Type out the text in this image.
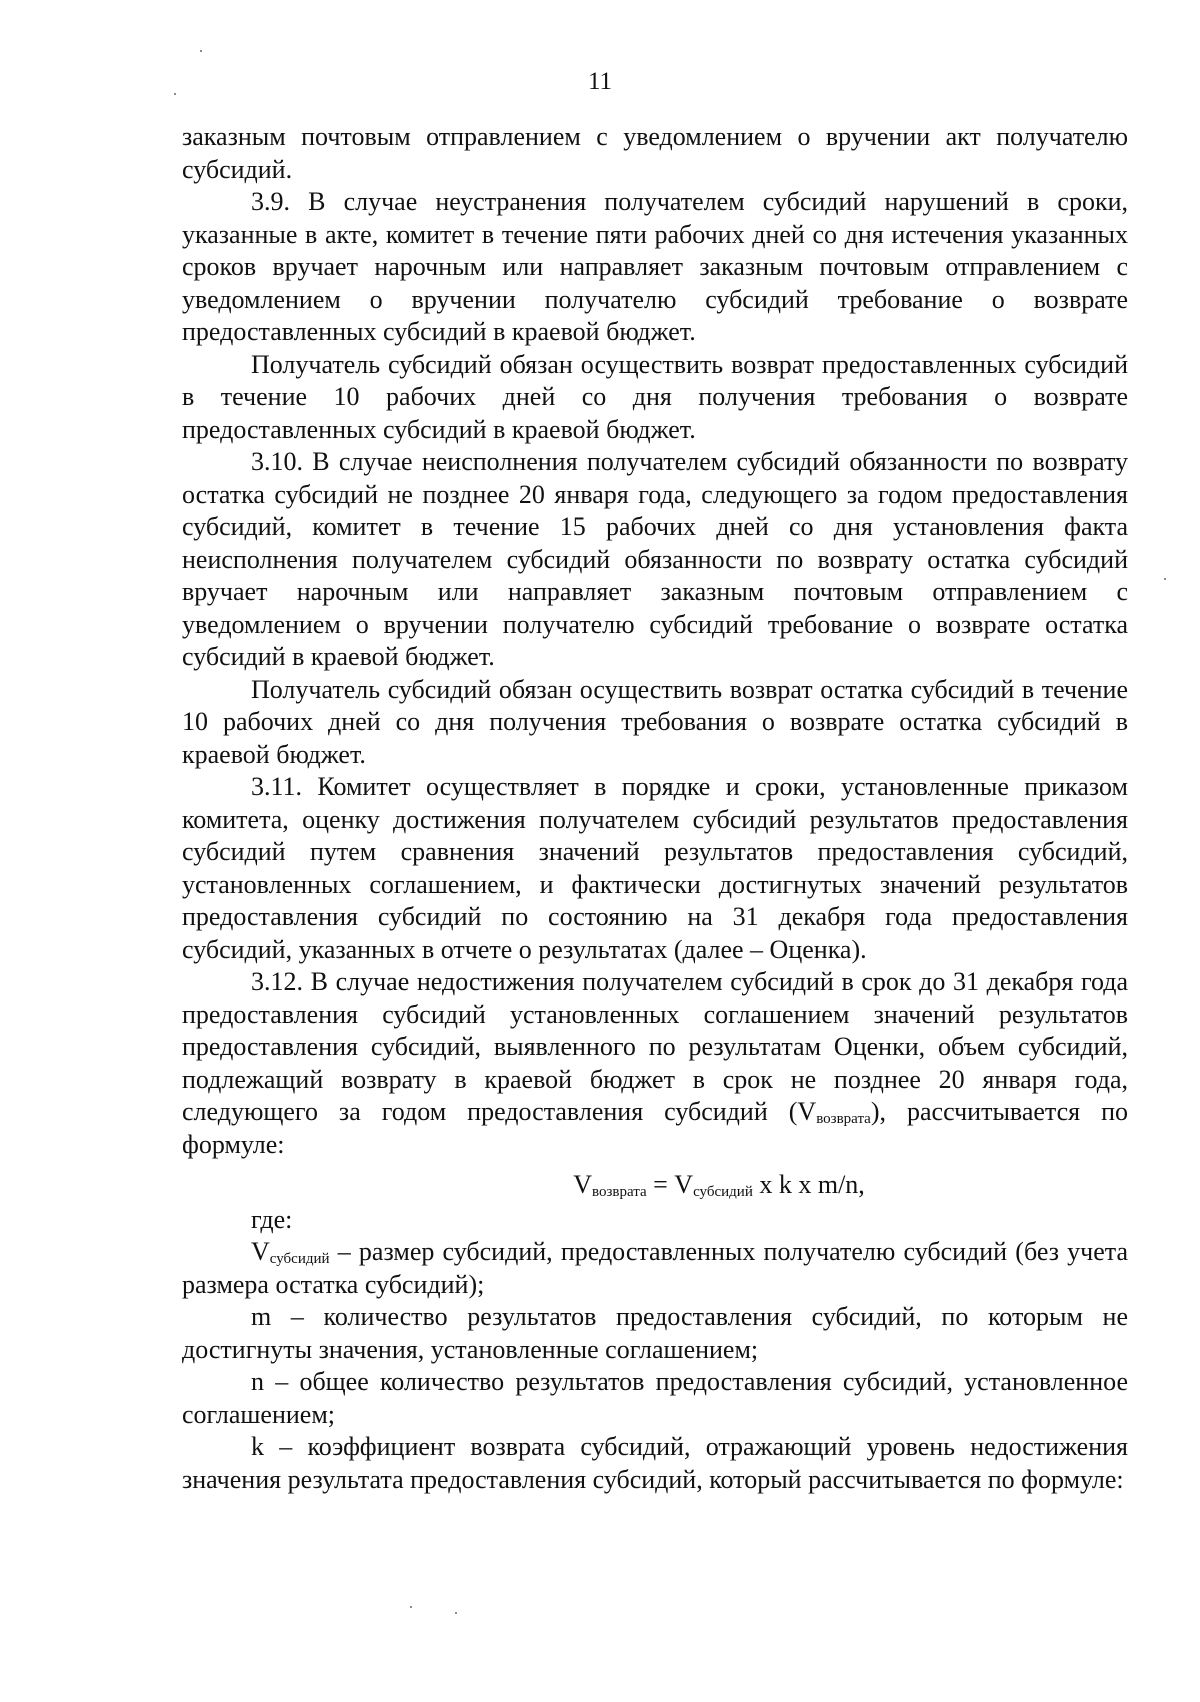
11

заказным почтовым отправлением с уведомлением о вручении акт получателю субсидий.

3.9. В случае неустранения получателем субсидий нарушений в сроки, указанные в акте, комитет в течение пяти рабочих дней со дня истечения указанных сроков вручает нарочным или направляет заказным почтовым отправлением с уведомлением о вручении получателю субсидий требование о возврате предоставленных субсидий в краевой бюджет.

Получатель субсидий обязан осуществить возврат предоставленных субсидий в течение 10 рабочих дней со дня получения требования о возврате предоставленных субсидий в краевой бюджет.

3.10. В случае неисполнения получателем субсидий обязанности по возврату остатка субсидий не позднее 20 января года, следующего за годом предоставления субсидий, комитет в течение 15 рабочих дней со дня установления факта неисполнения получателем субсидий обязанности по возврату остатка субсидий вручает нарочным или направляет заказным почтовым отправлением с уведомлением о вручении получателю субсидий требование о возврате остатка субсидий в краевой бюджет.

Получатель субсидий обязан осуществить возврат остатка субсидий в течение 10 рабочих дней со дня получения требования о возврате остатка субсидий в краевой бюджет.

3.11. Комитет осуществляет в порядке и сроки, установленные приказом комитета, оценку достижения получателем субсидий результатов предоставления субсидий путем сравнения значений результатов предоставления субсидий, установленных соглашением, и фактически достигнутых значений результатов предоставления субсидий по состоянию на 31 декабря года предоставления субсидий, указанных в отчете о результатах (далее – Оценка).

3.12. В случае недостижения получателем субсидий в срок до 31 декабря года предоставления субсидий установленных соглашением значений результатов предоставления субсидий, выявленного по результатам Оценки, объем субсидий, подлежащий возврату в краевой бюджет в срок не позднее 20 января года, следующего за годом предоставления субсидий $(V_{возврата})$, рассчитывается по формуле:

$V_{возврата} = V_{субсидий}$ x k x m/n,

где:

$V_{субсидий}$ – размер субсидий, предоставленных получателю субсидий (без учета размера остатка субсидий);

m – количество результатов предоставления субсидий, по которым не достигнуты значения, установленные соглашением;

n – общее количество результатов предоставления субсидий, установленное соглашением;

k – коэффициент возврата субсидий, отражающий уровень недостижения значения результата предоставления субсидий, который рассчитывается по формуле:
